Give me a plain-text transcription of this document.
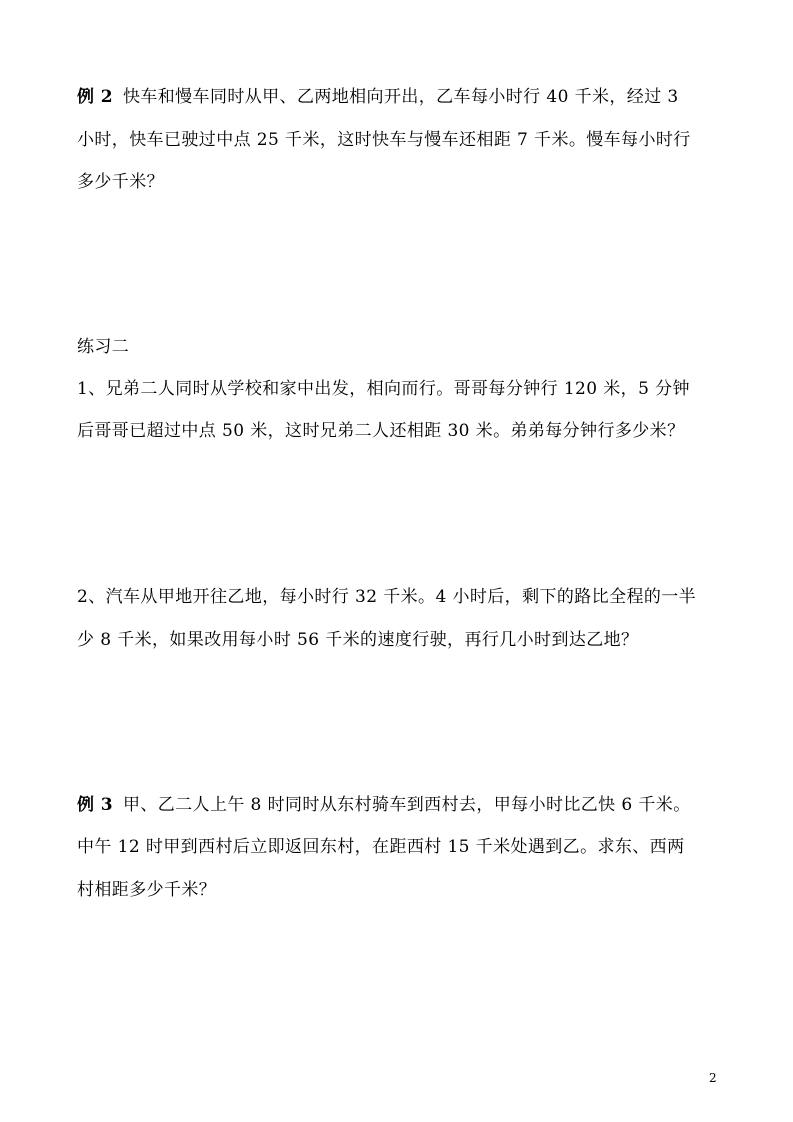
例 2 快车和慢车同时从甲、乙两地相向开出，乙车每小时行 40 千米，经过 3
小时，快车已驶过中点 25 千米，这时快车与慢车还相距 7 千米。慢车每小时行
多少千米？
练习二
1、兄弟二人同时从学校和家中出发，相向而行。哥哥每分钟行 120 米，5 分钟
后哥哥已超过中点 50 米，这时兄弟二人还相距 30 米。弟弟每分钟行多少米？
2、汽车从甲地开往乙地，每小时行 32 千米。4 小时后，剩下的路比全程的一半
少 8 千米，如果改用每小时 56 千米的速度行驶，再行几小时到达乙地？
例 3 甲、乙二人上午 8 时同时从东村骑车到西村去，甲每小时比乙快 6 千米。
中午 12 时甲到西村后立即返回东村，在距西村 15 千米处遇到乙。求东、西两
村相距多少千米？
2
